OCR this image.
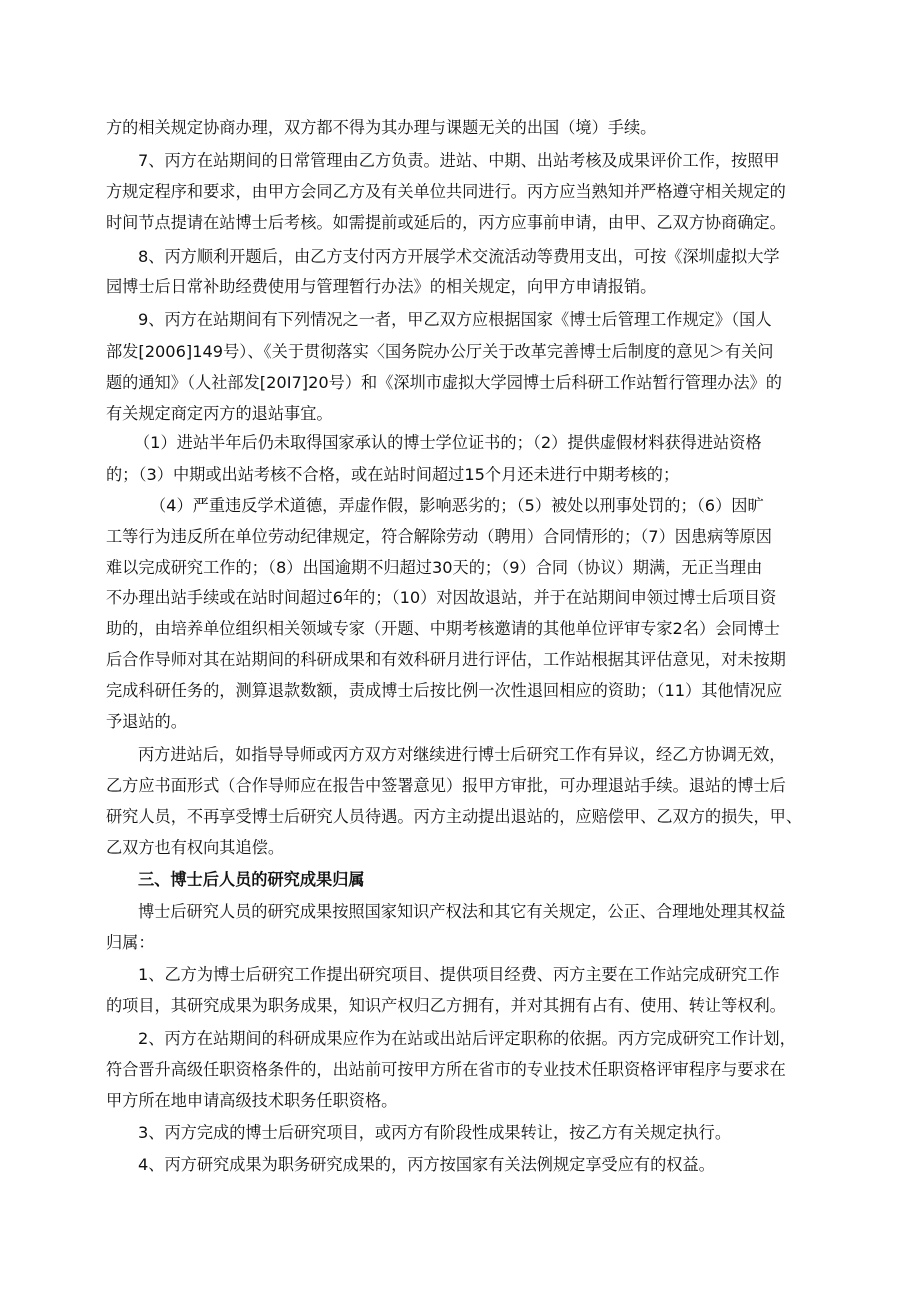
方的相关规定协商办理，双方都不得为其办理与课题无关的出国（境）手续。
7、丙方在站期间的日常管理由乙方负责。进站、中期、出站考核及成果评价工作，按照甲
方规定程序和要求，由甲方会同乙方及有关单位共同进行。丙方应当熟知并严格遵守相关规定的
时间节点提请在站博士后考核。如需提前或延后的，丙方应事前申请，由甲、乙双方协商确定。
8、丙方顺利开题后，由乙方支付丙方开展学术交流活动等费用支出，可按《深圳虚拟大学
园博士后日常补助经费使用与管理暂行办法》的相关规定，向甲方申请报销。
9、丙方在站期间有下列情况之一者，甲乙双方应根据国家《博士后管理工作规定》（国人
部发[2006]149号）、《关于贯彻落实〈国务院办公厅关于改革完善博士后制度的意见＞有关问
题的通知》（人社部发[20I7]20号）和《深圳市虚拟大学园博士后科研工作站暂行管理办法》的
有关规定商定丙方的退站事宜。
（1）进站半年后仍未取得国家承认的博士学位证书的；（2）提供虚假材料获得进站资格
的；（3）中期或出站考核不合格，或在站时间超过15个月还未进行中期考核的；
（4）严重违反学术道德，弄虚作假，影响恶劣的；（5）被处以刑事处罚的；（6）因旷
工等行为违反所在单位劳动纪律规定，符合解除劳动（聘用）合同情形的；（7）因患病等原因
难以完成研究工作的；（8）出国逾期不归超过30天的；（9）合同（协议）期满，无正当理由
不办理出站手续或在站时间超过6年的；（10）对因故退站，并于在站期间申领过博士后项目资
助的，由培养单位组织相关领域专家（开题、中期考核邀请的其他单位评审专家2名）会同博士
后合作导师对其在站期间的科研成果和有效科研月进行评估，工作站根据其评估意见，对未按期
完成科研任务的，测算退款数额，责成博士后按比例一次性退回相应的资助；（11）其他情况应
予退站的。
丙方进站后，如指导导师或丙方双方对继续进行博士后研究工作有异议，经乙方协调无效，
乙方应书面形式（合作导师应在报告中签署意见）报甲方审批，可办理退站手续。退站的博士后
研究人员，不再享受博士后研究人员待遇。丙方主动提出退站的，应赔偿甲、乙双方的损失，甲、
乙双方也有权向其追偿。
三、博士后人员的研究成果归属
博士后研究人员的研究成果按照国家知识产权法和其它有关规定，公正、合理地处理其权益
归属：
1、乙方为博士后研究工作提出研究项目、提供项目经费、丙方主要在工作站完成研究工作
的项目，其研究成果为职务成果，知识产权归乙方拥有，并对其拥有占有、使用、转让等权利。
2、丙方在站期间的科研成果应作为在站或出站后评定职称的依据。丙方完成研究工作计划，
符合晋升高级任职资格条件的，出站前可按甲方所在省市的专业技术任职资格评审程序与要求在
甲方所在地申请高级技术职务任职资格。
3、丙方完成的博士后研究项目，或丙方有阶段性成果转让，按乙方有关规定执行。
4、丙方研究成果为职务研究成果的，丙方按国家有关法例规定享受应有的权益。
